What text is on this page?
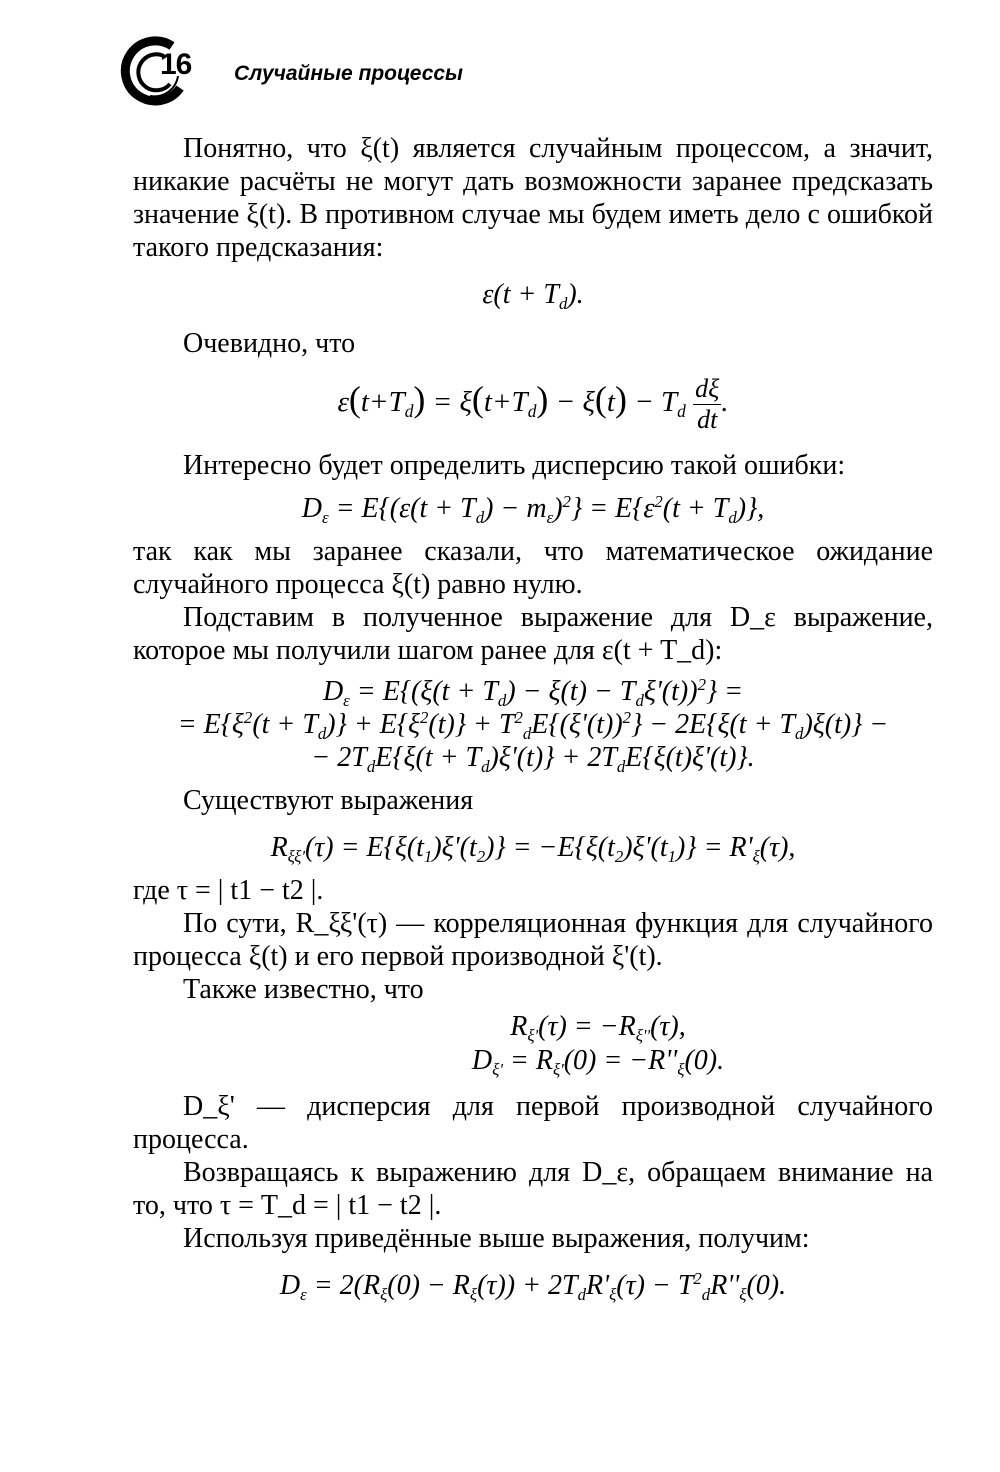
16 Случайные процессы

Понятно, что ξ(t) является случайным процессом, а значит, никакие расчёты не могут дать возможности заранее предсказать значение ξ(t). В противном случае мы будем иметь дело с ошибкой такого предсказания:

$\varepsilon(t + T_d)$.

Очевидно, что

$\varepsilon(t+T_d) = \xi(t+T_d) - \xi(t) - T_d \frac{d\xi}{dt}$ .

Интересно будет определить дисперсию такой ошибки:

$D_\varepsilon = E\{(\varepsilon(t + T_d) - m_\varepsilon)^2\} = E\{\varepsilon^2(t + T_d)\}$,

так как мы заранее сказали, что математическое ожидание случайного процесса ξ(t) равно нулю.

Подставим в полученное выражение для D_ε выражение, которое мы получили шагом ранее для ε(t + T_d):

$D_\varepsilon = E\{(\xi(t + T_d) - \xi(t) - T_d\xi'(t))^2\}$ =
= $E\{\xi^2(t + T_d)\} + E\{\xi^2(t)\} + T^2_dE\{(\xi'(t))^2\} - 2E\{\xi(t + T_d)\xi(t)\}$ −
− $2T_dE\{\xi(t + T_d)\xi'(t)\} + 2T_dE\{\xi(t)\xi'(t)\}$.

Существуют выражения

$R_{\xi\xi'}(\tau) = E\{\xi(t_1)\xi'(t_2)\} = -E\{\xi(t_2)\xi'(t_1)\} = R'_\xi(\tau)$,

где τ = | t1 − t2 |.

По сути, R_ξξ'(τ) — корреляционная функция для случайного процесса ξ(t) и его первой производной ξ'(t).

Также известно, что

$R_{\xi'}(\tau) = -R_{\xi''}(\tau)$,
$D_{\xi'} = R_{\xi'}(0) = -R''_\xi(0)$.

D_ξ' — дисперсия для первой производной случайного процесса.

Возвращаясь к выражению для D_ε, обращаем внимание на то, что τ = T_d = | t1 − t2 |.

Используя приведённые выше выражения, получим:

$D_\varepsilon = 2(R_\xi(0) - R_\xi(\tau)) + 2T_dR'_\xi(\tau) - T^2_dR''_\xi(0)$.
